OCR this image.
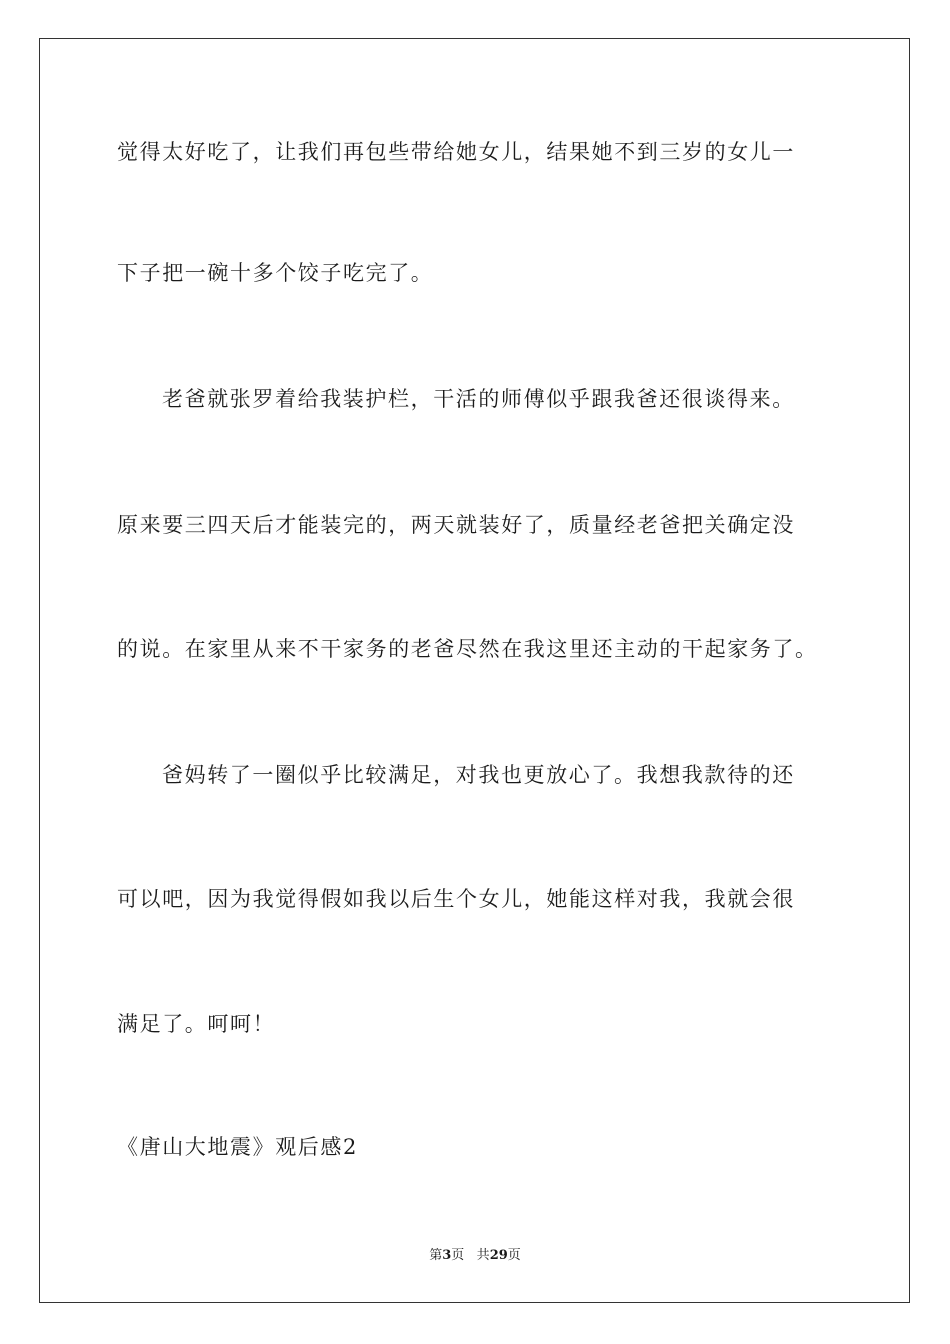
觉得太好吃了，让我们再包些带给她女儿，结果她不到三岁的女儿一
下子把一碗十多个饺子吃完了。
老爸就张罗着给我装护栏，干活的师傅似乎跟我爸还很谈得来。
原来要三四天后才能装完的，两天就装好了，质量经老爸把关确定没
的说。在家里从来不干家务的老爸尽然在我这里还主动的干起家务了。
爸妈转了一圈似乎比较满足，对我也更放心了。我想我款待的还
可以吧，因为我觉得假如我以后生个女儿，她能这样对我，我就会很
满足了。呵呵！
《唐山大地震》观后感2
第3页 共29页
